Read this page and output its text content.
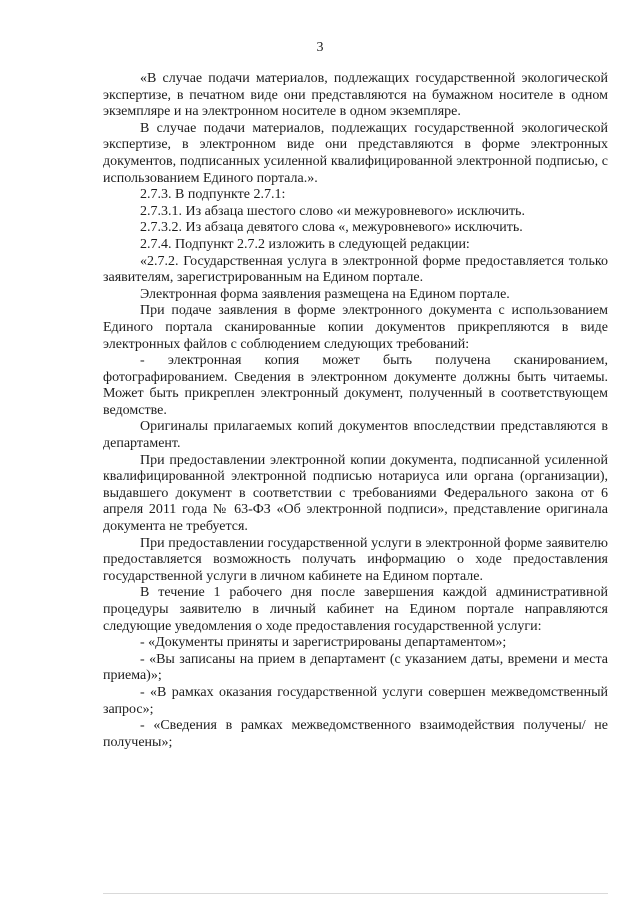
3

«В случае подачи материалов, подлежащих государственной экологической экспертизе, в печатном виде они представляются на бумажном носителе в одном экземпляре и на электронном носителе в одном экземпляре.

В случае подачи материалов, подлежащих государственной экологической экспертизе, в электронном виде они представляются в форме электронных документов, подписанных усиленной квалифицированной электронной подписью, с использованием Единого портала.».

2.7.3. В подпункте 2.7.1:

2.7.3.1. Из абзаца шестого слово «и межуровневого» исключить.

2.7.3.2. Из абзаца девятого слова «, межуровневого» исключить.

2.7.4. Подпункт 2.7.2 изложить в следующей редакции:

«2.7.2. Государственная услуга в электронной форме предоставляется только заявителям, зарегистрированным на Едином портале.

Электронная форма заявления размещена на Едином портале.

При подаче заявления в форме электронного документа с использованием Единого портала сканированные копии документов прикрепляются в виде электронных файлов с соблюдением следующих требований:

- электронная копия может быть получена сканированием, фотографированием. Сведения в электронном документе должны быть читаемы. Может быть прикреплен электронный документ, полученный в соответствующем ведомстве.

Оригиналы прилагаемых копий документов впоследствии представляются в департамент.

При предоставлении электронной копии документа, подписанной усиленной квалифицированной электронной подписью нотариуса или органа (организации), выдавшего документ в соответствии с требованиями Федерального закона от 6 апреля 2011 года № 63-ФЗ «Об электронной подписи», представление оригинала документа не требуется.

При предоставлении государственной услуги в электронной форме заявителю предоставляется возможность получать информацию о ходе предоставления государственной услуги в личном кабинете на Едином портале.

В течение 1 рабочего дня после завершения каждой административной процедуры заявителю в личный кабинет на Едином портале направляются следующие уведомления о ходе предоставления государственной услуги:

- «Документы приняты и зарегистрированы департаментом»;

- «Вы записаны на прием в департамент (с указанием даты, времени и места приема)»;

- «В рамках оказания государственной услуги совершен межведомственный запрос»;

- «Сведения в рамках межведомственного взаимодействия получены/ не получены»;
